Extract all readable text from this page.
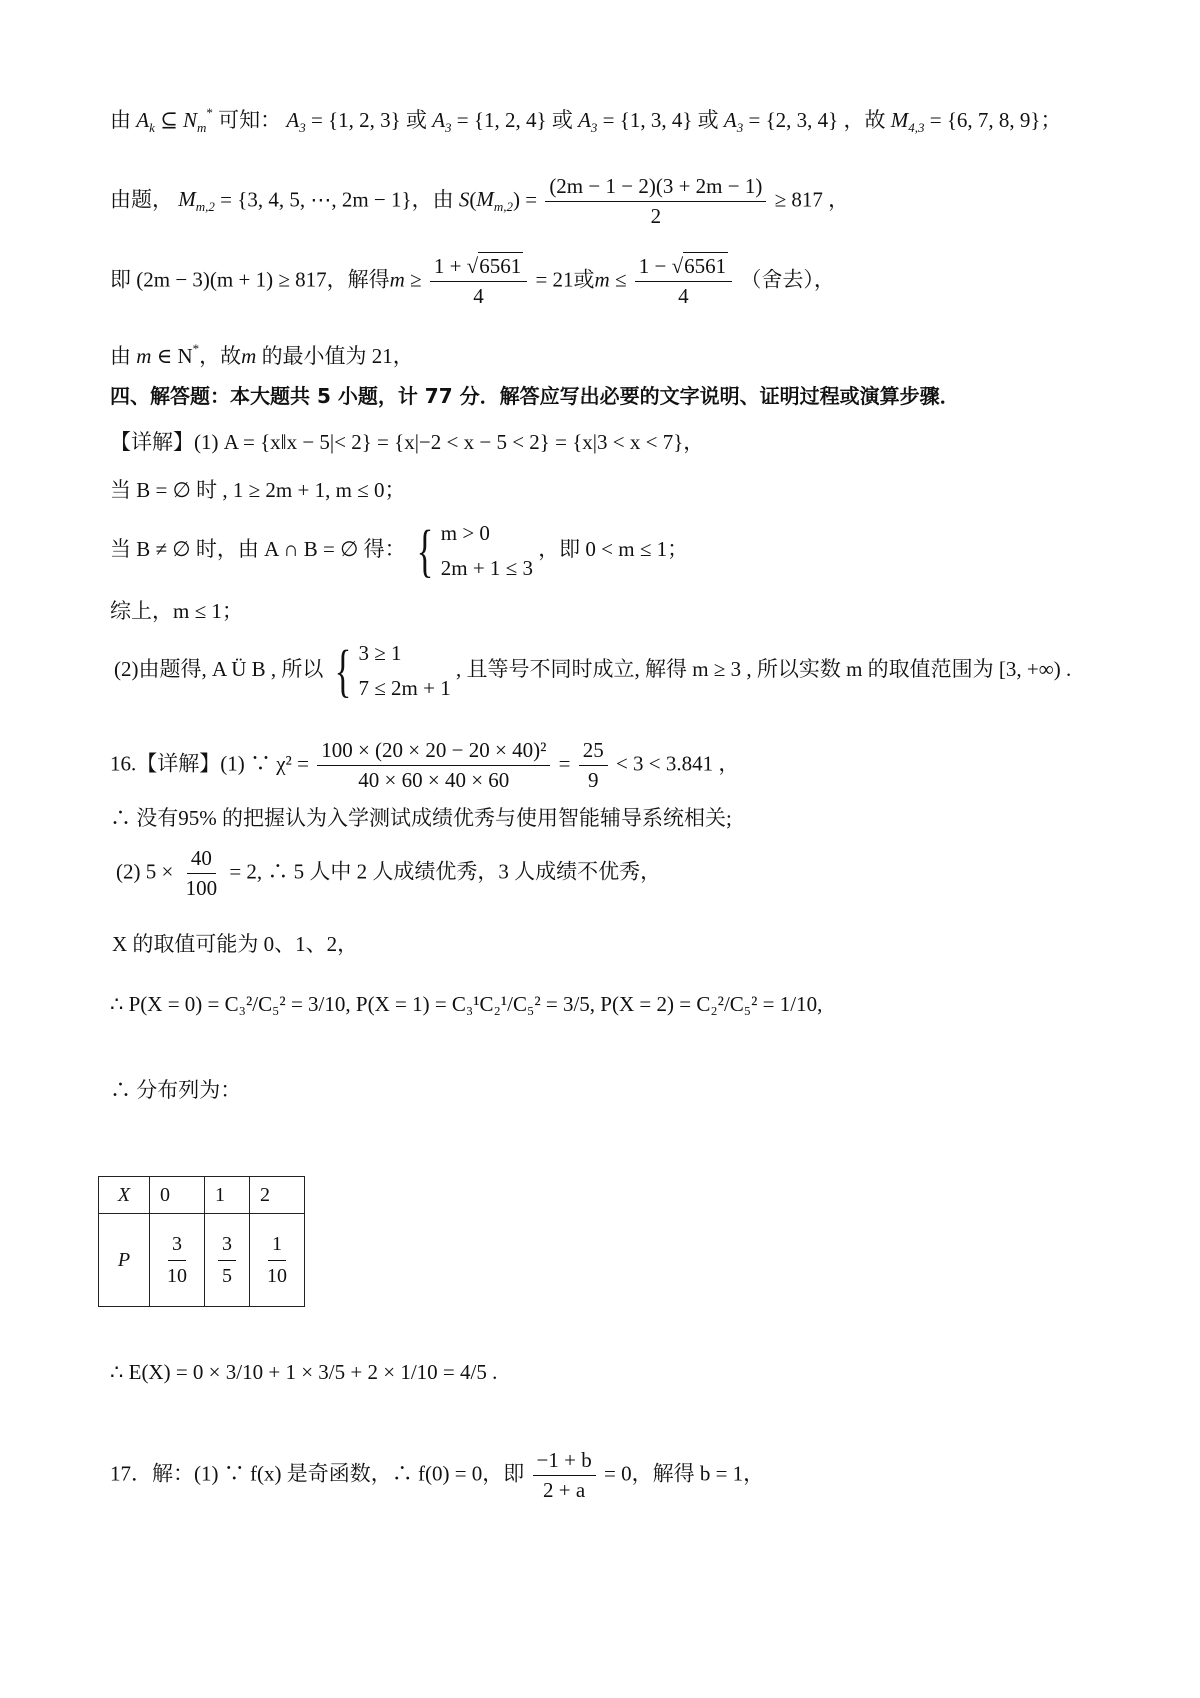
由 $A_k$ ⊆ $N_m^*$ 可知： $A_3 = \{1$, 2, 3} 或 $A_3 = \{1$, 2, 4} 或 $A_3 = \{1$, 3, 4} 或 $A_3 = \{2$, 3, 4} ，故 $M_{4,3} = \{6$, 7, 8, 9}；
由题， $M_{m,2} = \{3$, 4, 5, ⋯, 2m − 1}，由 $S(M_{m,2}) = \frac{(2m - 1 - 2)(3 + 2m - 1)}{2} \ge 817$ ，
即 (2m − 3)(m + 1) ≥ 817，解得$m \ge \frac{1 + √6561}{4} = 21$或$m \le \frac{1 - √6561}{4}$ （舍去），
由 m ∈ N*，故m 的最小值为 21，
四、解答题：本大题共 5 小题，计 77 分．解答应写出必要的文字说明、证明过程或演算步骤．
【详解】(1) A = {x‖x − 5|< 2} = {x|−2 < x − 5 < 2} = {x|3 < x < 7}，
当 B = ∅ 时 , 1 ≥ 2m + 1, m ≤ 0；
当 B ≠ ∅ 时，由 A ∩ B = ∅ 得： { m > 0
2m + 1 ≤ 3
，即 0 < m ≤ 1；
综上，m ≤ 1；
(2)由题得, A Ü B , 所以 { 3 ≥ 1
7 ≤ 2m + 1
, 且等号不同时成立, 解得 m ≥ 3 , 所以实数 m 的取值范围为 [3, +∞) .
16.【详解】(1) ∵ $\chi^2 = \frac{\text{100 × (20 × 20 − 20 × 40)²}}{40 \times 60 \times 40 \times 60} = \frac{25}{9} < 3 < 3.841$ ，
∴ 没有95% 的把握认为入学测试成绩优秀与使用智能辅导系统相关;
(2) $5 \times \frac{40}{100} = 2$, ∴ 5 人中 2 人成绩优秀，3 人成绩不优秀，
X 的取值可能为 0、1、2，
∴ P(X = 0) = C₃²/C₅² = 3/10, P(X = 1) = C₃¹C₂¹/C₅² = 3/5, P(X = 2) = C₂²/C₅² = 1/10,
∴ 分布列为：
X	0	1	2
P	$\frac{3}{10}$	$\frac{3}{5}$	$\frac{1}{10}$
∴ E(X) = 0 × 3/10 + 1 × 3/5 + 2 × 1/10 = 4/5 .
17．解：(1) ∵ f(x) 是奇函数，∴ f(0) = 0，即 $\frac{-1 + b}{2 + a} = 0$，解得 b = 1，
